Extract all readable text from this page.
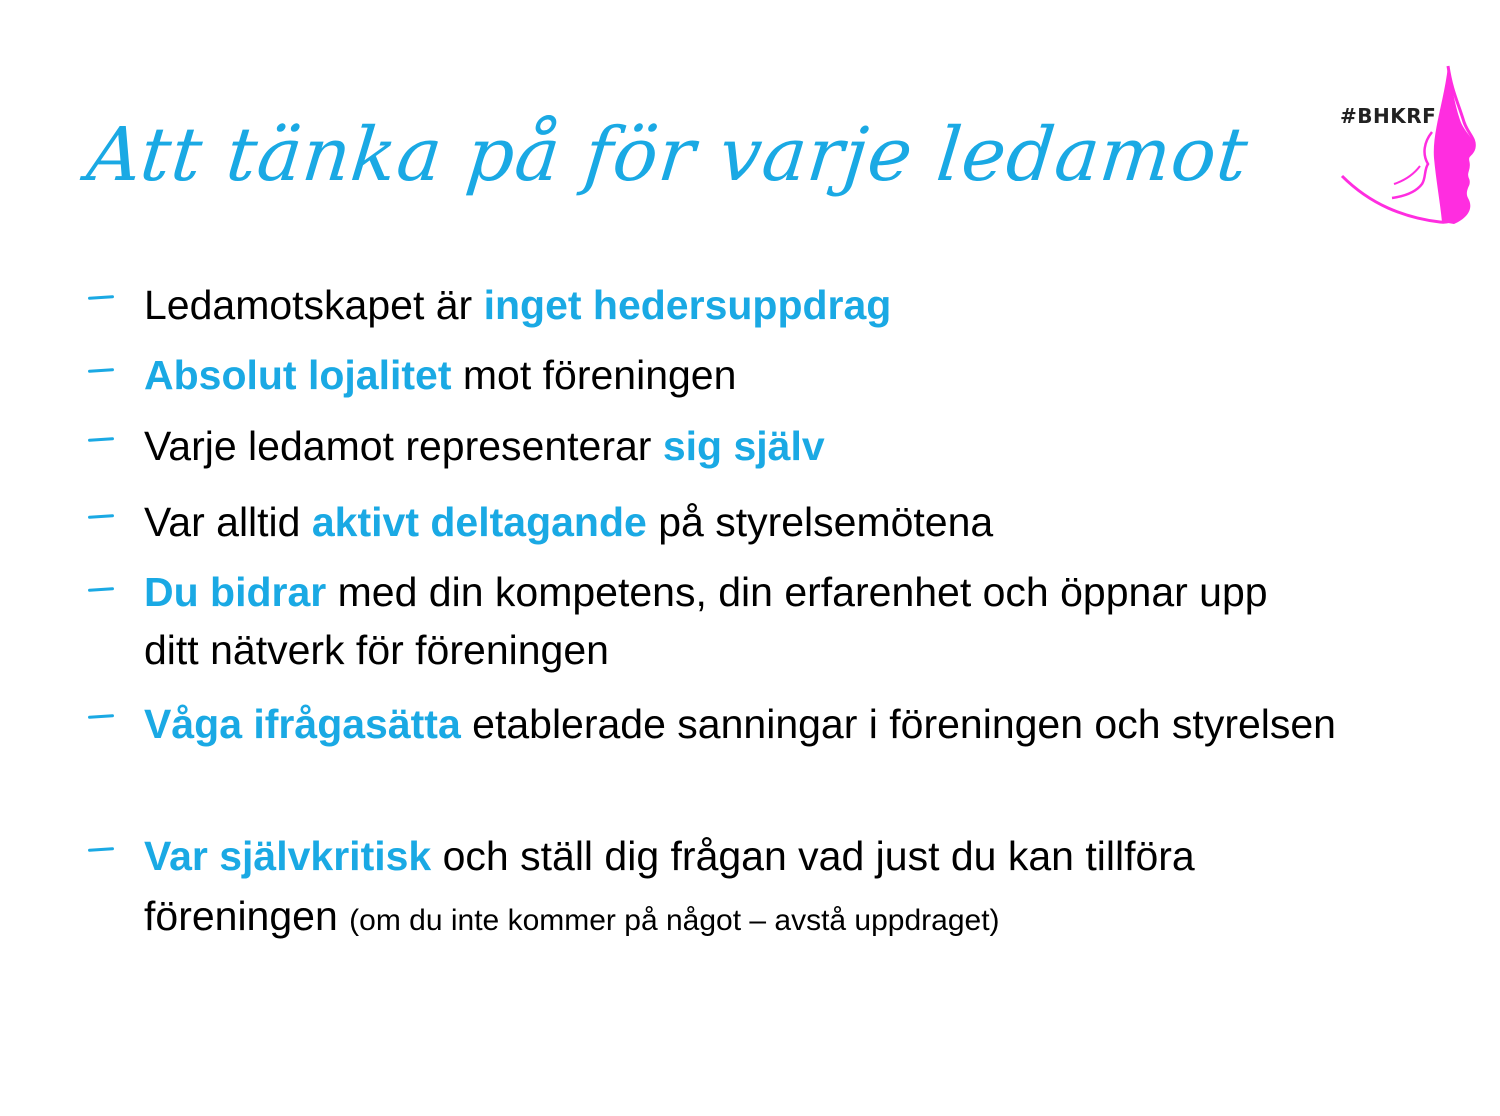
Att tänka på för varje ledamot	#BHKRF
Ledamotskapet är inget hedersuppdrag
Absolut lojalitet mot föreningen
Varje ledamot representerar sig själv
Var alltid aktivt deltagande på styrelsemötena
Du bidrar med din kompetens, din erfarenhet och öppnar upp ditt nätverk för föreningen
Våga ifrågasätta etablerade sanningar i föreningen och styrelsen
Var självkritisk och ställ dig frågan vad just du kan tillföra föreningen (om du inte kommer på något – avstå uppdraget)
